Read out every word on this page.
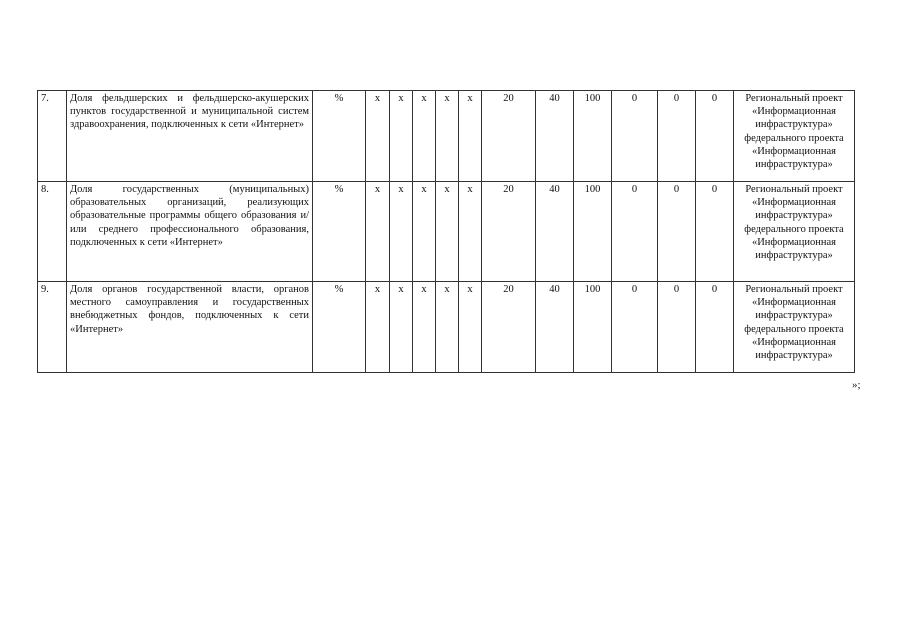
7.	Доля фельдшерских и фельдшерско-акушерских пунктов государственной и муниципальной систем здравоохранения, подключенных к сети «Интернет»	%	x	x	x	x	x	20	40	100	0	0	0	Региональный проект «Информационная инфраструктура» федерального проекта «Информационная инфраструктура»
8.	Доля государственных (муниципальных) образовательных организаций, реализующих образовательные программы общего образования и/или среднего профессионального образования, подключенных к сети «Интернет»	%	x	x	x	x	x	20	40	100	0	0	0	Региональный проект «Информационная инфраструктура» федерального проекта «Информационная инфраструктура»
9.	Доля органов государственной власти, органов местного самоуправления и государственных внебюджетных фондов, подключенных к сети «Интернет»	%	x	x	x	x	x	20	40	100	0	0	0	Региональный проект «Информационная инфраструктура» федерального проекта «Информационная инфраструктура»
»;
